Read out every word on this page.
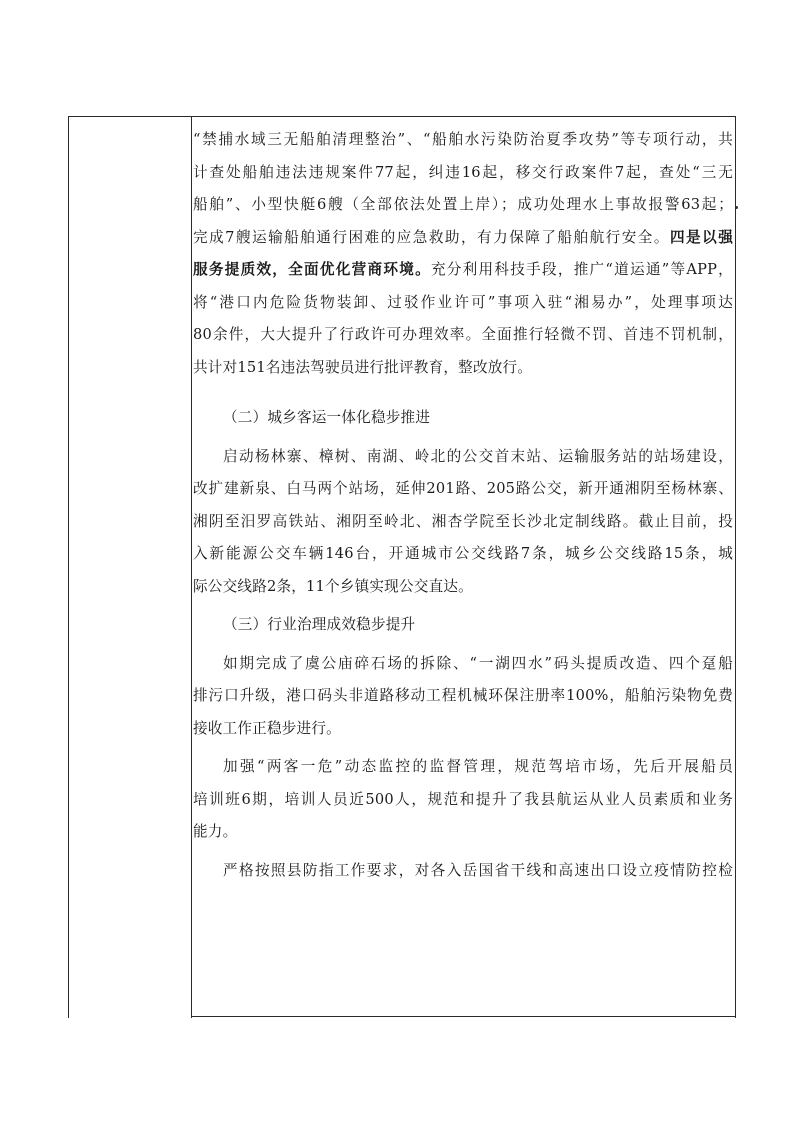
“禁捕水域三无船舶清理整治”、“船舶水污染防治夏季攻势”等专项行动，共
计查处船舶违法违规案件77起，纠违16起，移交行政案件7起，查处“三无
船舶”、小型快艇6艘（全部依法处置上岸）；成功处理水上事故报警63起；
完成7艘运输船舶通行困难的应急救助，有力保障了船舶航行安全。四是以强
服务提质效，全面优化营商环境。充分利用科技手段，推广“道运通”等APP，
将“港口内危险货物装卸、过驳作业许可”事项入驻“湘易办”，处理事项达
80余件，大大提升了行政许可办理效率。全面推行轻微不罚、首违不罚机制，
共计对151名违法驾驶员进行批评教育，整改放行。
（二）城乡客运一体化稳步推进
启动杨林寨、樟树、南湖、岭北的公交首末站、运输服务站的站场建设，
改扩建新泉、白马两个站场，延伸201路、205路公交，新开通湘阴至杨林寨、
湘阴至汨罗高铁站、湘阴至岭北、湘杏学院至长沙北定制线路。截止目前，投
入新能源公交车辆146台，开通城市公交线路7条，城乡公交线路15条，城
际公交线路2条，11个乡镇实现公交直达。
（三）行业治理成效稳步提升
如期完成了虞公庙碎石场的拆除、“一湖四水”码头提质改造、四个趸船
排污口升级，港口码头非道路移动工程机械环保注册率100%，船舶污染物免费
接收工作正稳步进行。
加强“两客一危”动态监控的监督管理，规范驾培市场，先后开展船员
培训班6期，培训人员近500人，规范和提升了我县航运从业人员素质和业务
能力。
严格按照县防指工作要求，对各入岳国省干线和高速出口设立疫情防控检
